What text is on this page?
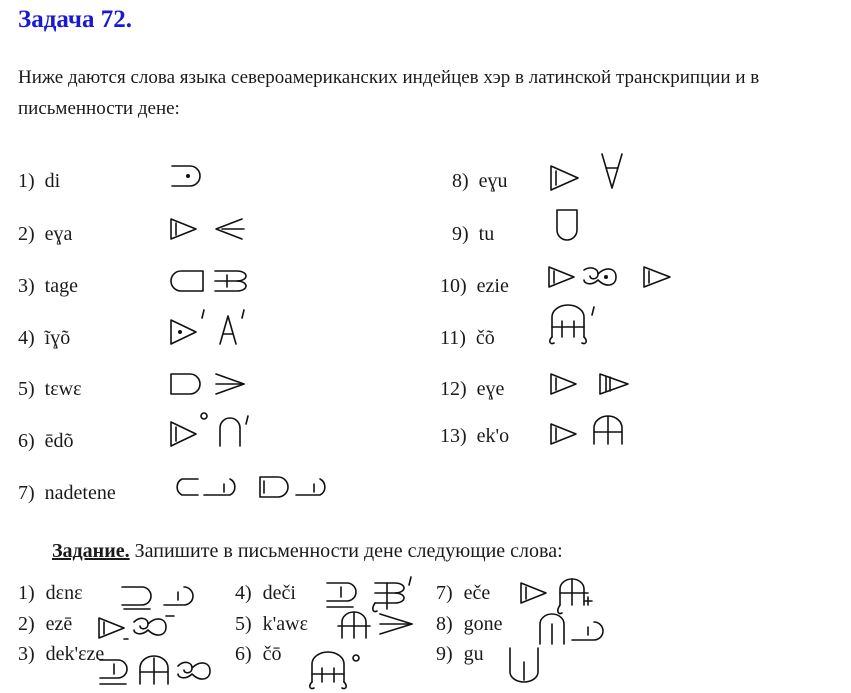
Задача 72.
Ниже даются слова языка североамериканских индейцев хэр в латинской транскрипции и в письменности дене:
1) di
2) eɣa
3) tage
4) ĩɣõ
5) tɛwɛ
6) ēdõ
7) nadetene
8) eɣu
9) tu
10) ezie
11) čõ
12) eɣe
13) ek'o
Задание. Запишите в письменности дене следующие слова:
1) dɛnɛ
2) ezē
3) dek'ɛze
4) deči
5) k'awɛ
6) čō
7) eče
8) gone
9) gu
